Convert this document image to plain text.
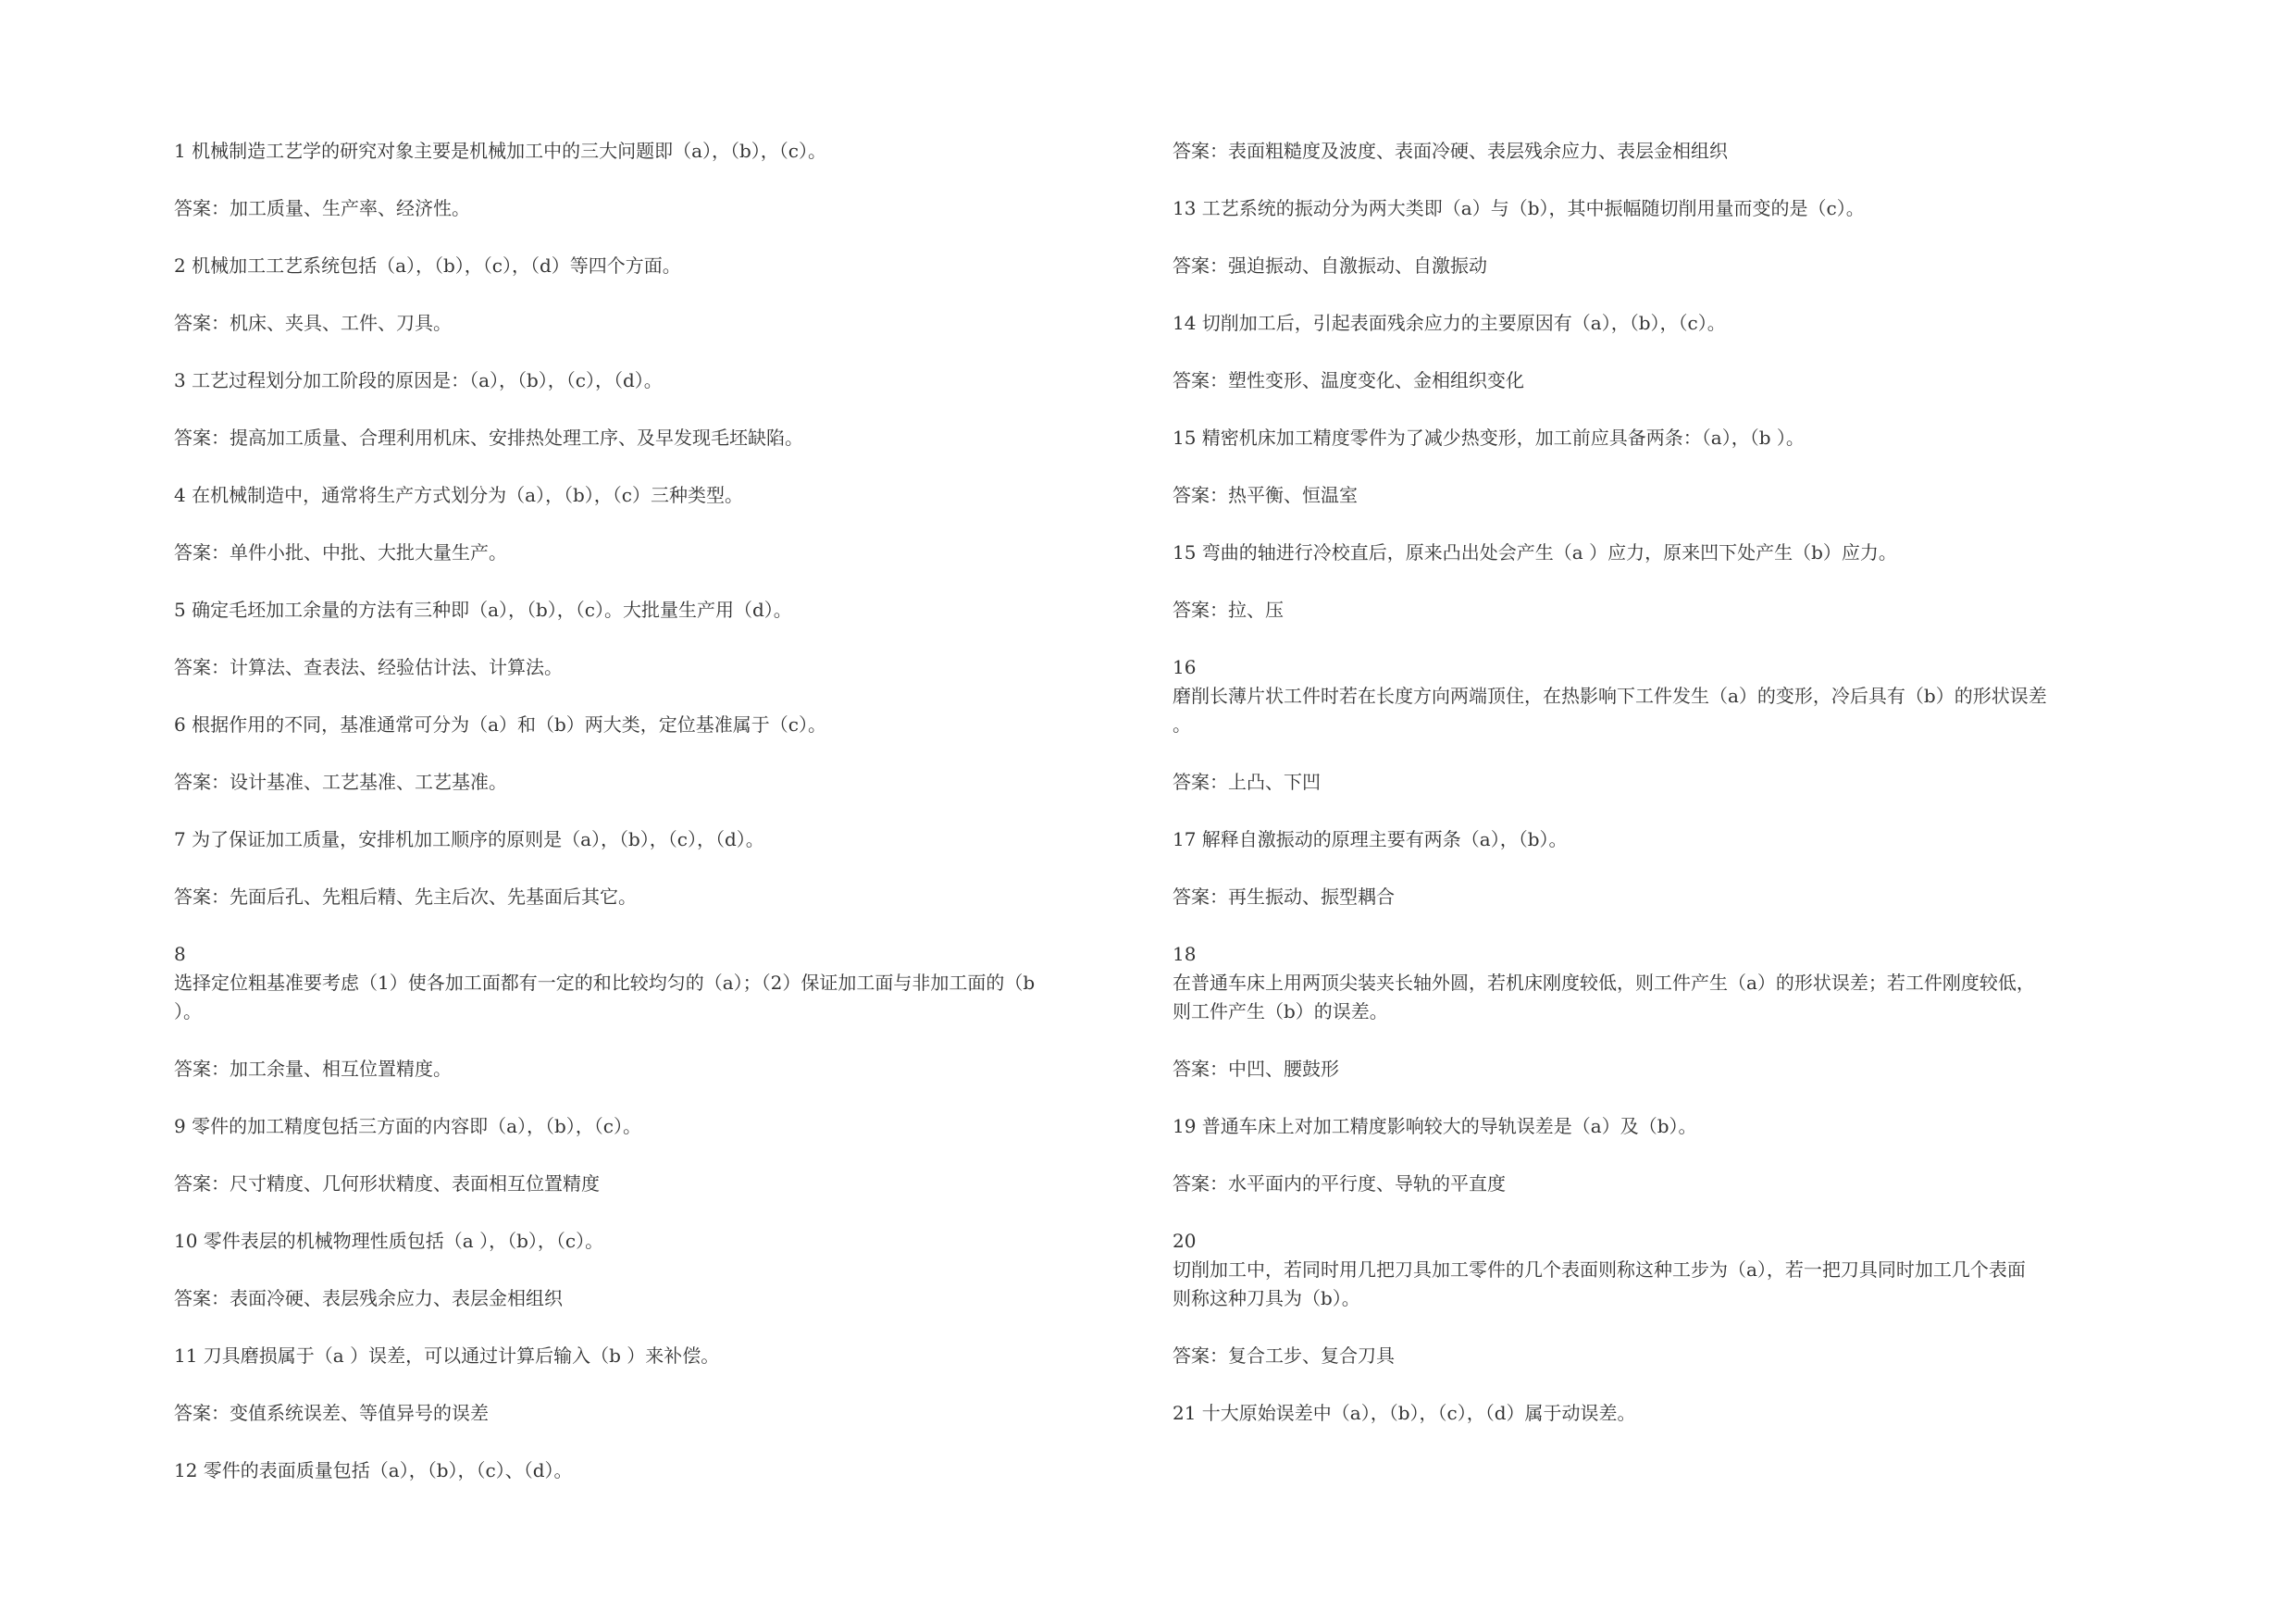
1 机械制造工艺学的研究对象主要是机械加工中的三大问题即（a），（b），（c）。

答案：加工质量、生产率、经济性。

2 机械加工工艺系统包括（a），（b），（c），（d）等四个方面。

答案：机床、夹具、工件、刀具。

3 工艺过程划分加工阶段的原因是：（a），（b），（c），（d）。

答案：提高加工质量、合理利用机床、安排热处理工序、及早发现毛坯缺陷。

4 在机械制造中，通常将生产方式划分为（a），（b），（c）三种类型。

答案：单件小批、中批、大批大量生产。

5 确定毛坯加工余量的方法有三种即（a），（b），（c）。大批量生产用（d）。

答案：计算法、查表法、经验估计法、计算法。

6 根据作用的不同，基准通常可分为（a）和（b）两大类，定位基准属于（c）。

答案：设计基准、工艺基准、工艺基准。

7 为了保证加工质量，安排机加工顺序的原则是（a），（b），（c），（d）。

答案：先面后孔、先粗后精、先主后次、先基面后其它。

8

选择定位粗基准要考虑（1）使各加工面都有一定的和比较均匀的（a）；（2）保证加工面与非加工面的（b

）。

答案：加工余量、相互位置精度。

9 零件的加工精度包括三方面的内容即（a），（b），（c）。

答案：尺寸精度、几何形状精度、表面相互位置精度

10 零件表层的机械物理性质包括（a ），（b），（c）。

答案：表面冷硬、表层残余应力、表层金相组织

11 刀具磨损属于（a ）误差，可以通过计算后输入（b ）来补偿。

答案：变值系统误差、等值异号的误差

12 零件的表面质量包括（a），（b），（c）、（d）。

答案：表面粗糙度及波度、表面冷硬、表层残余应力、表层金相组织

13 工艺系统的振动分为两大类即（a）与（b），其中振幅随切削用量而变的是（c）。

答案：强迫振动、自激振动、自激振动

14 切削加工后，引起表面残余应力的主要原因有（a），（b），（c）。

答案：塑性变形、温度变化、金相组织变化

15 精密机床加工精度零件为了减少热变形，加工前应具备两条：（a），（b ）。

答案：热平衡、恒温室

15 弯曲的轴进行冷校直后，原来凸出处会产生（a ）应力，原来凹下处产生（b）应力。

答案：拉、压

16

磨削长薄片状工件时若在长度方向两端顶住，在热影响下工件发生（a）的变形，冷后具有（b）的形状误差

。

答案：上凸、下凹

17 解释自激振动的原理主要有两条（a），（b）。

答案：再生振动、振型耦合

18

在普通车床上用两顶尖装夹长轴外圆，若机床刚度较低，则工件产生（a）的形状误差；若工件刚度较低，

则工件产生（b）的误差。

答案：中凹、腰鼓形

19 普通车床上对加工精度影响较大的导轨误差是（a）及（b）。

答案：水平面内的平行度、导轨的平直度

20

切削加工中，若同时用几把刀具加工零件的几个表面则称这种工步为（a），若一把刀具同时加工几个表面

则称这种刀具为（b）。

答案：复合工步、复合刀具

21 十大原始误差中（a），（b），（c），（d）属于动误差。
